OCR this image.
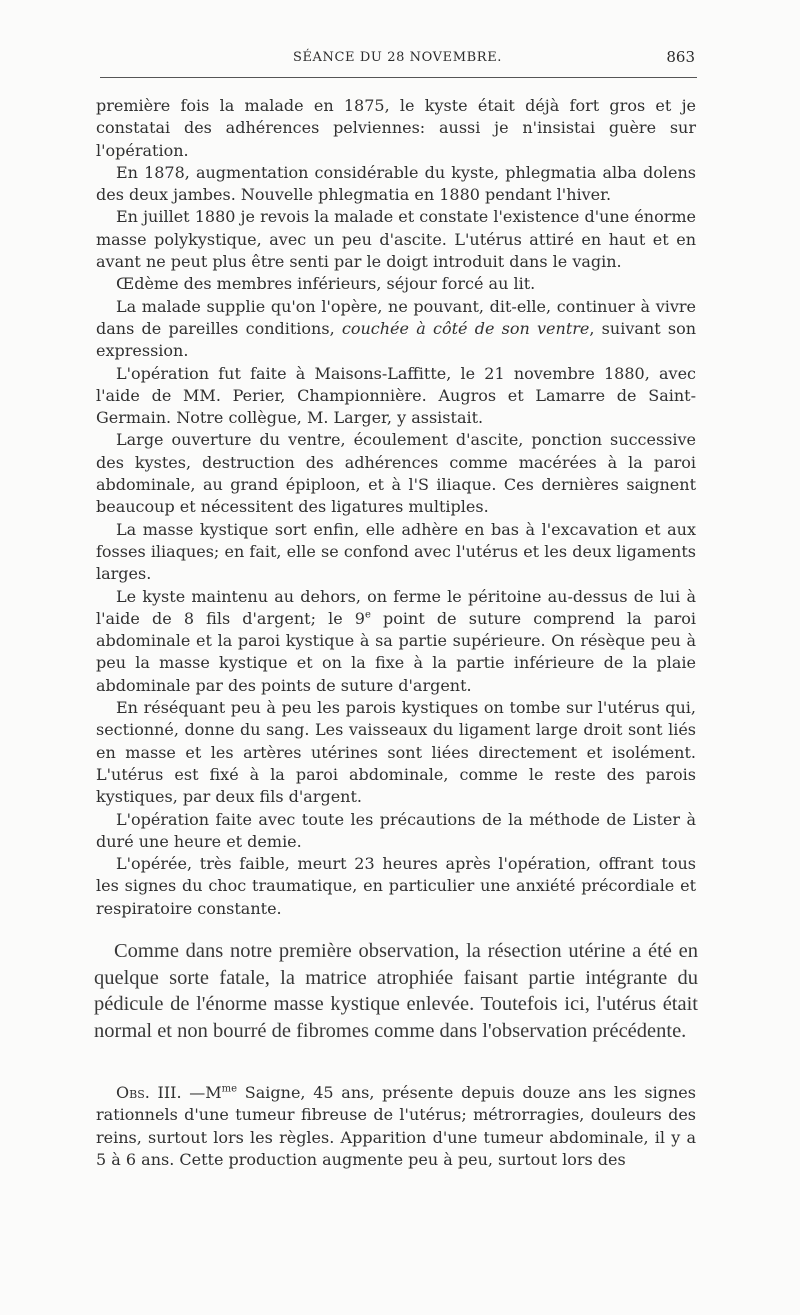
SÉANCE DU 28 NOVEMBRE.	863

première fois la malade en 1875, le kyste était déjà fort gros et je constatai des adhérences pelviennes: aussi je n'insistai guère sur l'opération.

En 1878, augmentation considérable du kyste, phlegmatia alba dolens des deux jambes. Nouvelle phlegmatia en 1880 pendant l'hiver.

En juillet 1880 je revois la malade et constate l'existence d'une énorme masse polykystique, avec un peu d'ascite. L'utérus attiré en haut et en avant ne peut plus être senti par le doigt introduit dans le vagin.

Œdème des membres inférieurs, séjour forcé au lit.

La malade supplie qu'on l'opère, ne pouvant, dit-elle, continuer à vivre dans de pareilles conditions, couchée à côté de son ventre, suivant son expression.

L'opération fut faite à Maisons-Laffitte, le 21 novembre 1880, avec l'aide de MM. Perier, Championnière. Augros et Lamarre de Saint-Germain. Notre collègue, M. Larger, y assistait.

Large ouverture du ventre, écoulement d'ascite, ponction successive des kystes, destruction des adhérences comme macérées à la paroi abdominale, au grand épiploon, et à l'S iliaque. Ces dernières saignent beaucoup et nécessitent des ligatures multiples.

La masse kystique sort enfin, elle adhère en bas à l'excavation et aux fosses iliaques; en fait, elle se confond avec l'utérus et les deux ligaments larges.

Le kyste maintenu au dehors, on ferme le péritoine au-dessus de lui à l'aide de 8 fils d'argent; le 9e point de suture comprend la paroi abdominale et la paroi kystique à sa partie supérieure. On résèque peu à peu la masse kystique et on la fixe à la partie inférieure de la plaie abdominale par des points de suture d'argent.

En réséquant peu à peu les parois kystiques on tombe sur l'utérus qui, sectionné, donne du sang. Les vaisseaux du ligament large droit sont liés en masse et les artères utérines sont liées directement et isolément. L'utérus est fixé à la paroi abdominale, comme le reste des parois kystiques, par deux fils d'argent.

L'opération faite avec toute les précautions de la méthode de Lister à duré une heure et demie.

L'opérée, très faible, meurt 23 heures après l'opération, offrant tous les signes du choc traumatique, en particulier une anxiété précordiale et respiratoire constante.

Comme dans notre première observation, la résection utérine a été en quelque sorte fatale, la matrice atrophiée faisant partie intégrante du pédicule de l'énorme masse kystique enlevée. Toutefois ici, l'utérus était normal et non bourré de fibromes comme dans l'observation précédente.

Obs. III. $—M^{me}$ Saigne, 45 ans, présente depuis douze ans les signes rationnels d'une tumeur fibreuse de l'utérus; métrorragies, douleurs des reins, surtout lors les règles. Apparition d'une tumeur abdominale, il y a 5 à 6 ans. Cette production augmente peu à peu, surtout lors des
